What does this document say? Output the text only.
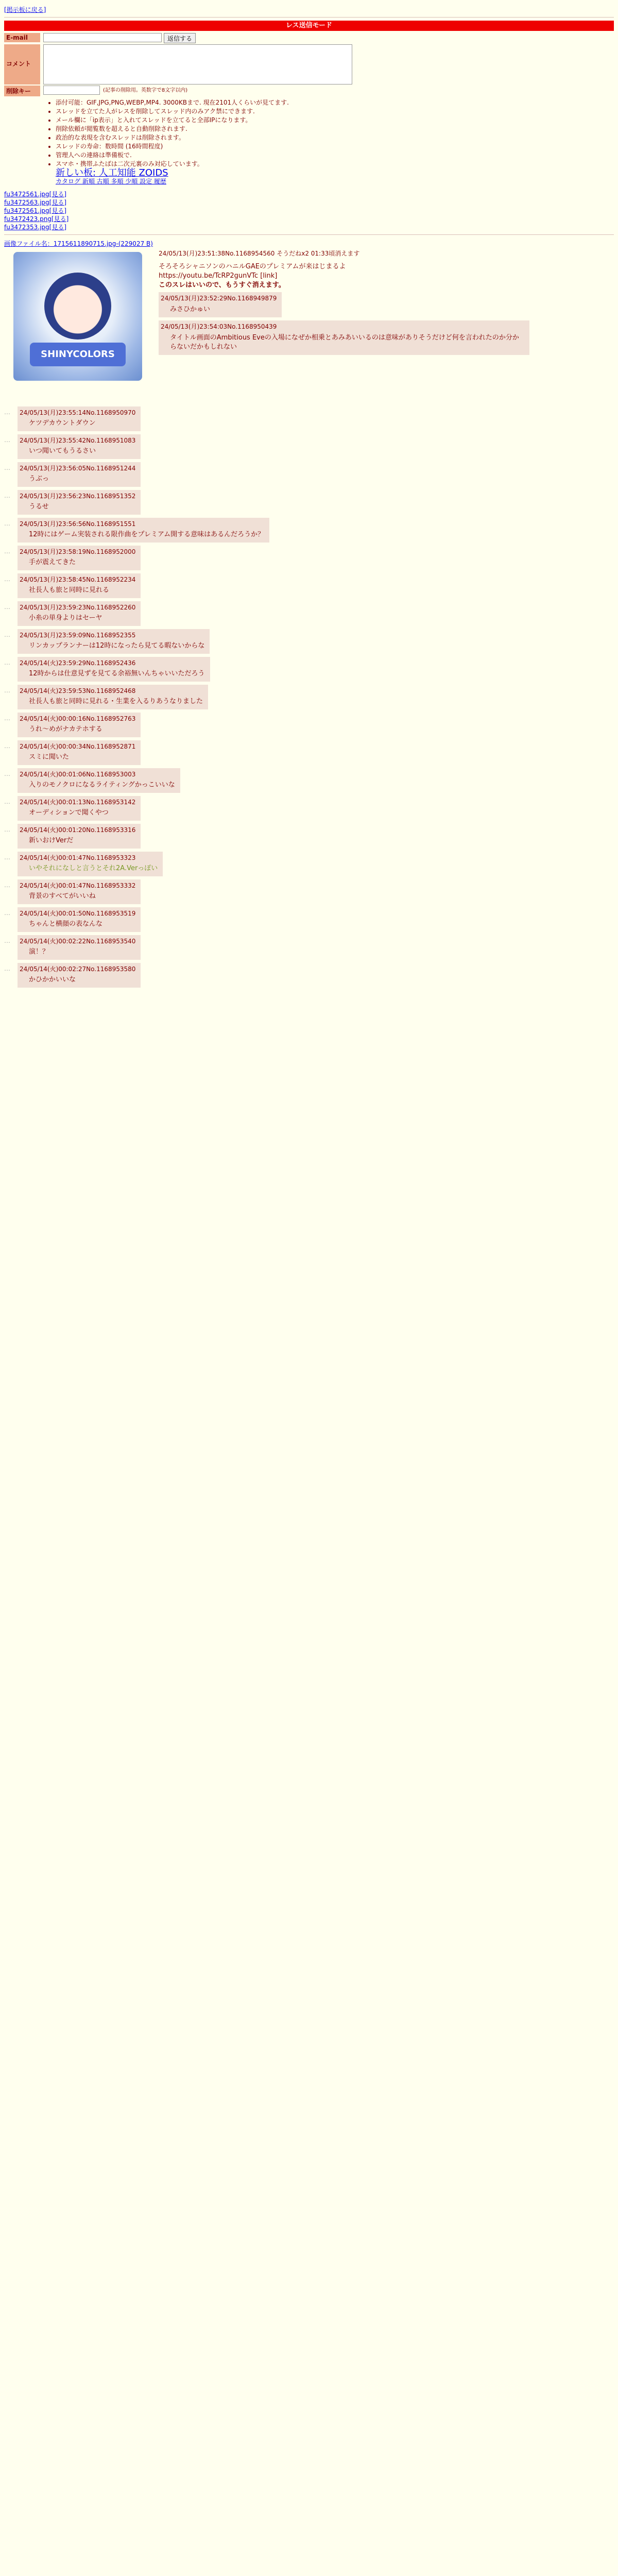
[掲示板に戻る]
レス送信モード
E-mail	返信する
コメント
削除キー	(記事の削除用。英数字で8文字以内)
• 添付可能：GIF,JPG,PNG,WEBP,MP4. 3000KBまで. 現在2101人くらいが見てます.
• スレッドを立てた人がレスを削除してスレッド内のみアク禁にできます.
• メール欄に「ip表示」と入れてスレッドを立てると全部IPになります。
• 削除依頼が閲覧数を超えると自動削除されます.
• 政治的な表現を含むスレッドは削除されます。
• スレッドの寿命：数時間 (16時間程度)
• 管理人への連絡は準備板で.
• スマホ・携帯ふたばは二次元裏のみ対応しています。
新しい板: 人工知能 ZOIDS
カタログ 新順 古順 多順 少順 設定 履歴
fu3472561.jpg[見る]
fu3472563.jpg[見る]
fu3472561.jpg[見る]
fu3472423.png[見る]
fu3472353.jpg[見る]
画像ファイル名：1715611890715.jpg-(229027 B)
SHINYCOLORS
24/05/13(月)23:51:38No.1168954560 そうだねx2 01:33頃消えます
そろそろシャニソンのハニルGAEのプレミアムが来はじまるよ
https://youtu.be/TcRP2gunVTc [link]
このスレはいいので、もうすぐ消えます。
24/05/13(月)23:52:29No.1168949879
みさひかゅい
24/05/13(月)23:54:03No.1168950439
タイトル画面のAmbitious Eveの入場になぜか相乗とあみあいいるのは意味がありそうだけど何を言われたのか分からないだかもしれない
… 24/05/13(月)23:55:14No.1168950970
ケツデカウントダウン
… 24/05/13(月)23:55:42No.1168951083
いつ聞いてもうるさい
… 24/05/13(月)23:56:05No.1168951244
うぶっ
… 24/05/13(月)23:56:23No.1168951352
うるせ
… 24/05/13(月)23:56:56No.1168951551
12時にはゲーム実装される限作曲をプレミアム開する意味はあるんだろうか？
… 24/05/13(月)23:58:19No.1168952000
手が震えてきた
… 24/05/13(月)23:58:45No.1168952234
社長人も旅と同時に見れる
… 24/05/13(月)23:59:23No.1168952260
小糸の単身よりはセーヤ
… 24/05/13(月)23:59:09No.1168952355
リンカップランナーは12時になったら見てる暇ないからな
… 24/05/14(火)23:59:29No.1168952436
12時からは仕意見ずを見てる余裕無いんちゃいいただろう
… 24/05/14(火)23:59:53No.1168952468
社長人も旅と同時に見れる・生業を入るりあうなりました
… 24/05/14(火)00:00:16No.1168952763
うれ〜めがナカテホする
… 24/05/14(火)00:00:34No.1168952871
スミに聞いた
… 24/05/14(火)00:01:06No.1168953003
入りのモノクロになるライティングかっこいいな
… 24/05/14(火)00:01:13No.1168953142
オーディションで聞くやつ
… 24/05/14(火)00:01:20No.1168953316
新いおけVerだ
… 24/05/14(火)00:01:47No.1168953323
いやそれになしと言うとそれ2A.Verっぽい
… 24/05/14(火)00:01:47No.1168953332
背景のすべてがいいね
… 24/05/14(火)00:01:50No.1168953519
ちゃんと横顔の表なんな
… 24/05/14(火)00:02:22No.1168953540
演！？
… 24/05/14(火)00:02:27No.1168953580
かひかかいいな
